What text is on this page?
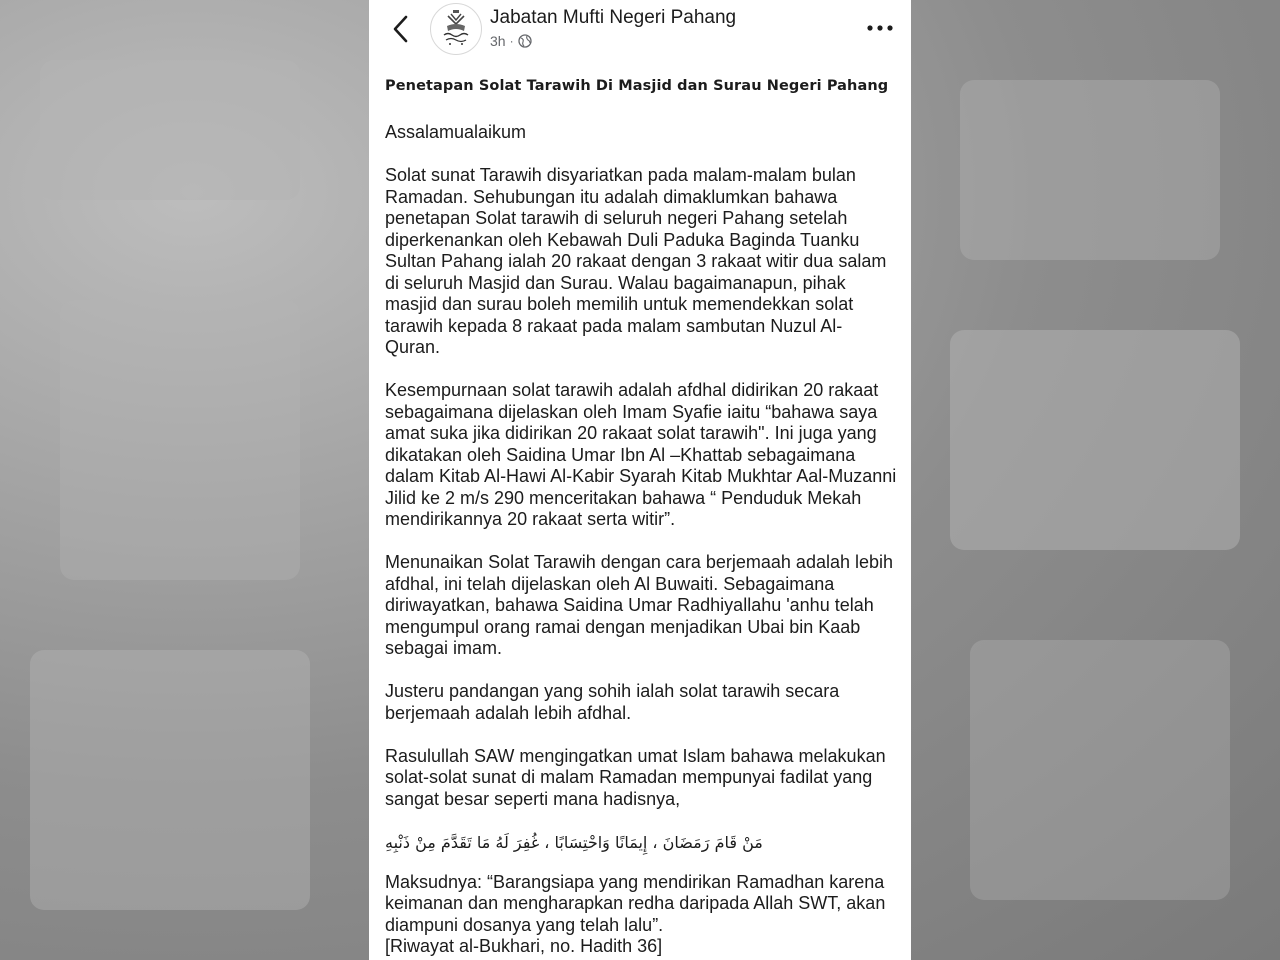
Jabatan Mufti Negeri Pahang
3h ·
Penetapan Solat Tarawih Di Masjid dan Surau Negeri Pahang
Assalamualaikum
Solat sunat Tarawih disyariatkan pada malam-malam bulan Ramadan. Sehubungan itu adalah dimaklumkan bahawa penetapan Solat tarawih di seluruh negeri Pahang setelah diperkenankan oleh Kebawah Duli Paduka Baginda Tuanku Sultan Pahang ialah 20 rakaat dengan 3 rakaat witir dua salam di seluruh Masjid dan Surau. Walau bagaimanapun, pihak masjid dan surau boleh memilih untuk memendekkan solat tarawih kepada 8 rakaat pada malam sambutan Nuzul Al-Quran.
Kesempurnaan solat tarawih adalah afdhal didirikan 20 rakaat sebagaimana dijelaskan oleh Imam Syafie iaitu “bahawa saya amat suka jika didirikan 20 rakaat solat tarawih". Ini juga yang dikatakan oleh Saidina Umar Ibn Al –Khattab sebagaimana dalam Kitab Al-Hawi Al-Kabir Syarah Kitab Mukhtar Aal-Muzanni Jilid ke 2 m/s 290 menceritakan bahawa “ Penduduk Mekah mendirikannya 20 rakaat serta witir”.
Menunaikan Solat Tarawih dengan cara berjemaah adalah lebih afdhal, ini telah dijelaskan oleh Al Buwaiti. Sebagaimana diriwayatkan, bahawa Saidina Umar Radhiyallahu 'anhu telah mengumpul orang ramai dengan menjadikan Ubai bin Kaab sebagai imam.
Justeru pandangan yang sohih ialah solat tarawih secara berjemaah adalah lebih afdhal.
Rasulullah SAW mengingatkan umat Islam bahawa melakukan solat-solat sunat di malam Ramadan mempunyai fadilat yang sangat besar seperti mana hadisnya,
مَنْ قَامَ رَمَضَانَ ، إِيمَانًا وَاحْتِسَابًا ، غُفِرَ لَهُ مَا تَقَدَّمَ مِنْ ذَنْبِهِ
Maksudnya: “Barangsiapa yang mendirikan Ramadhan karena keimanan dan mengharapkan redha daripada Allah SWT, akan diampuni dosanya yang telah lalu”.
[Riwayat al-Bukhari, no. Hadith 36]
